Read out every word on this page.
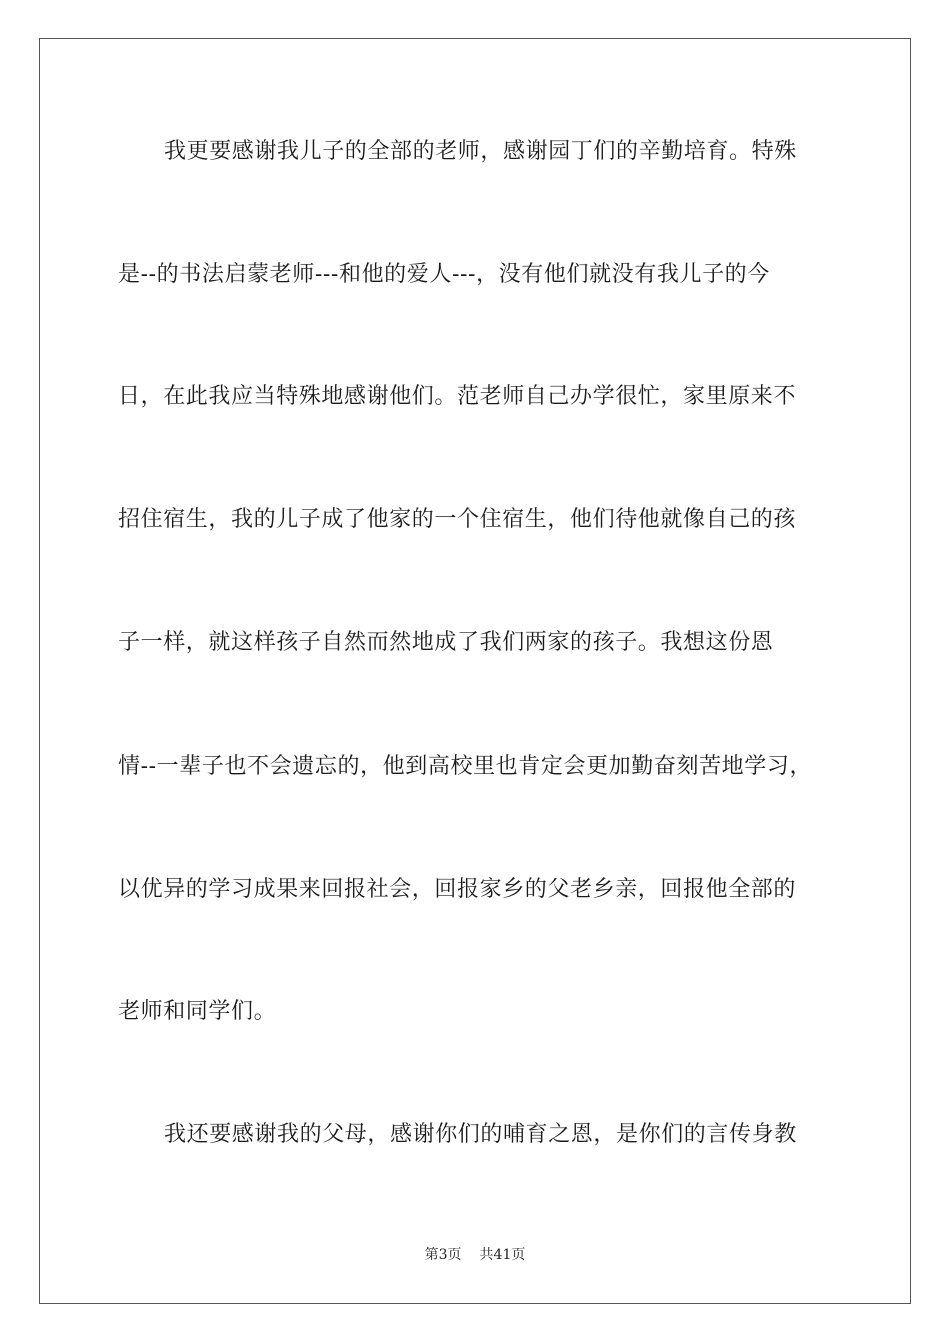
我更要感谢我儿子的全部的老师，感谢园丁们的辛勤培育。特殊
是--的书法启蒙老师---和他的爱人---，没有他们就没有我儿子的今
日，在此我应当特殊地感谢他们。范老师自己办学很忙，家里原来不
招住宿生，我的儿子成了他家的一个住宿生，他们待他就像自己的孩
子一样，就这样孩子自然而然地成了我们两家的孩子。我想这份恩
情--一辈子也不会遗忘的，他到高校里也肯定会更加勤奋刻苦地学习，
以优异的学习成果来回报社会，回报家乡的父老乡亲，回报他全部的
老师和同学们。
我还要感谢我的父母，感谢你们的哺育之恩，是你们的言传身教
第3页 共41页
